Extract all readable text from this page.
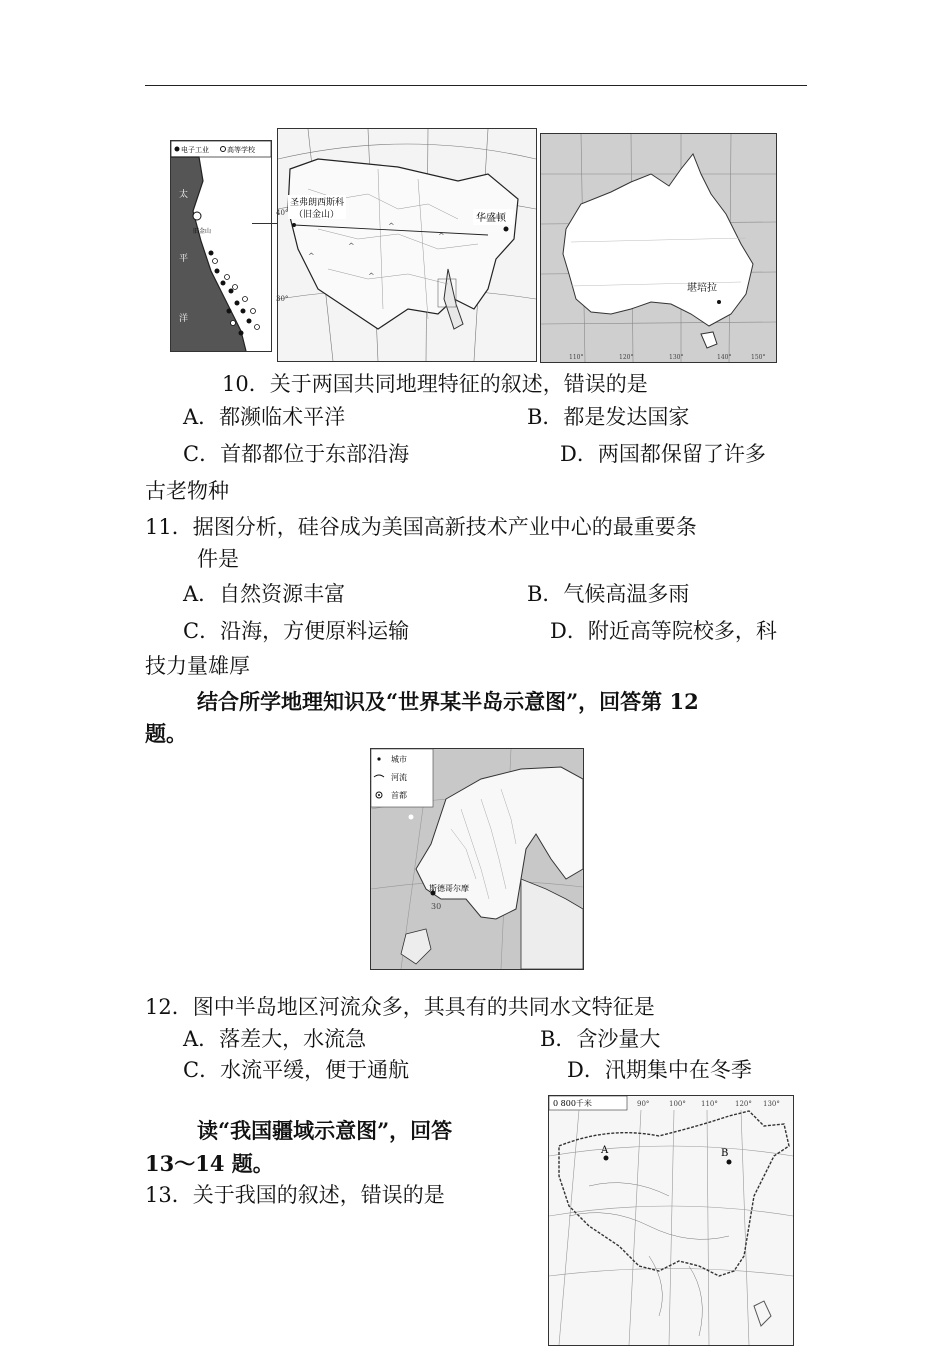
电子工业	高等学校
太
平
洋
旧金山
^
^
^
^
^
40°
30°
圣弗朗西斯科
（旧金山）	华盛顿
堪培拉
110°	120°	130°	140°	150°
10．关于两国共同地理特征的叙述，错误的是
A．都濒临术平洋	B．都是发达国家
C．首都都位于东部沿海	D．两国都保留了许多
古老物种
11．据图分析，硅谷成为美国高新技术产业中心的最重要条
件是
A．自然资源丰富	B．气候高温多雨
C．沿海，方便原料运输	D．附近高等院校多，科
技力量雄厚
结合所学地理知识及“世界某半岛示意图”，回答第 12
题。
城市
河流
首都
斯德哥尔摩
30
12．图中半岛地区河流众多，其具有的共同水文特征是
A．落差大，水流急	B．含沙量大
C．水流平缓，便于通航	D．汛期集中在冬季
读“我国疆域示意图”，回答
13～14 题。
13．关于我国的叙述，错误的是
0 800千米	90°	100° 110° 120° 130°
A	B
